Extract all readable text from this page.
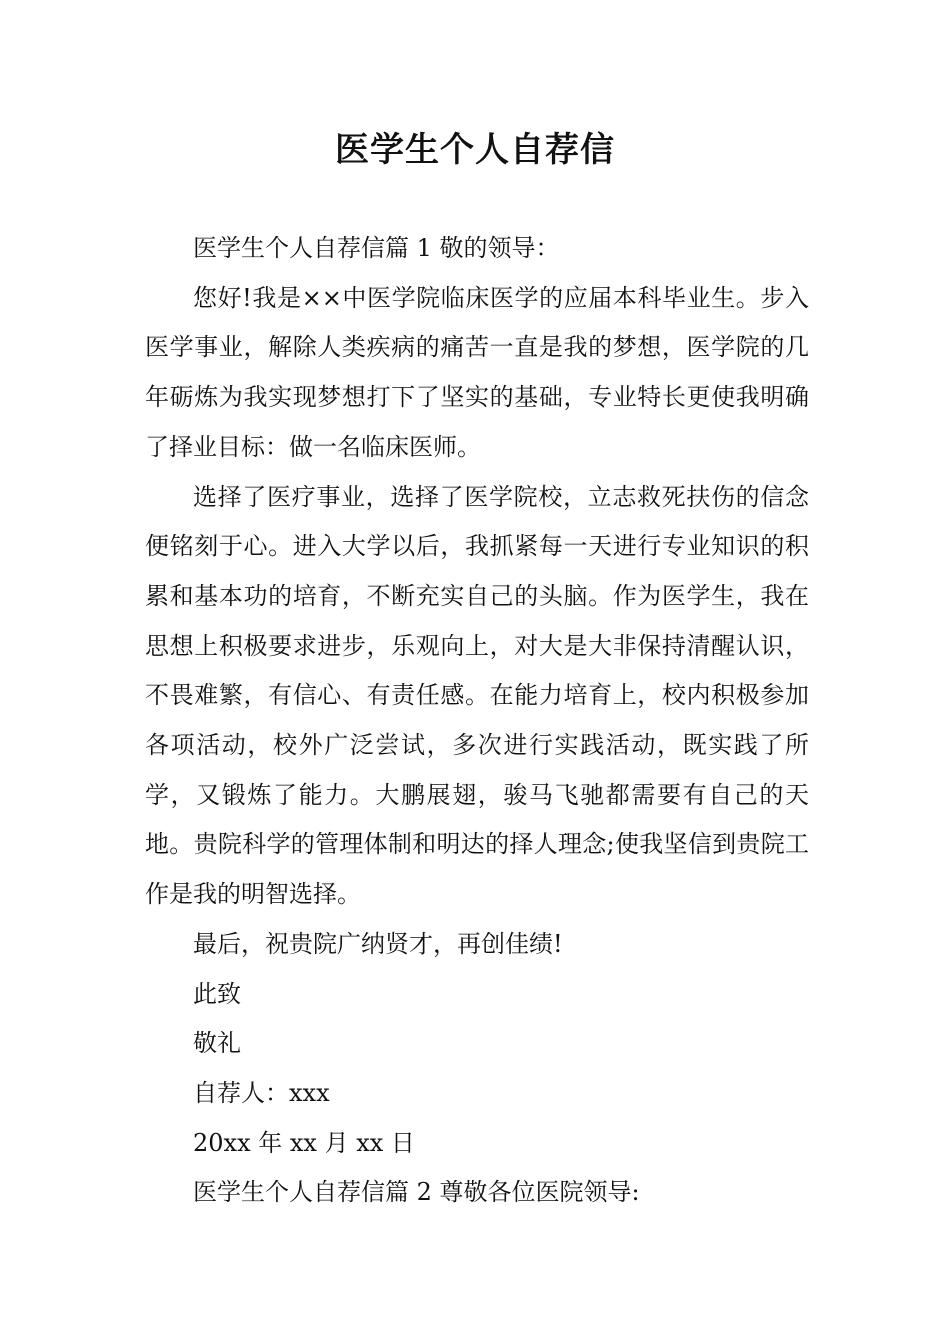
医学生个人自荐信

医学生个人自荐信篇 1 敬的领导：

您好!我是××中医学院临床医学的应届本科毕业生。步入医学事业，解除人类疾病的痛苦一直是我的梦想，医学院的几年砺炼为我实现梦想打下了坚实的基础，专业特长更使我明确了择业目标：做一名临床医师。

选择了医疗事业，选择了医学院校，立志救死扶伤的信念便铭刻于心。进入大学以后，我抓紧每一天进行专业知识的积累和基本功的培育，不断充实自己的头脑。作为医学生，我在思想上积极要求进步，乐观向上，对大是大非保持清醒认识，不畏难繁，有信心、有责任感。在能力培育上，校内积极参加各项活动，校外广泛尝试，多次进行实践活动，既实践了所学，又锻炼了能力。大鹏展翅，骏马飞驰都需要有自己的天地。贵院科学的管理体制和明达的择人理念;使我坚信到贵院工作是我的明智选择。

最后，祝贵院广纳贤才，再创佳绩!

此致

敬礼

自荐人：xxx

20xx 年 xx 月 xx 日

医学生个人自荐信篇 2 尊敬各位医院领导:
